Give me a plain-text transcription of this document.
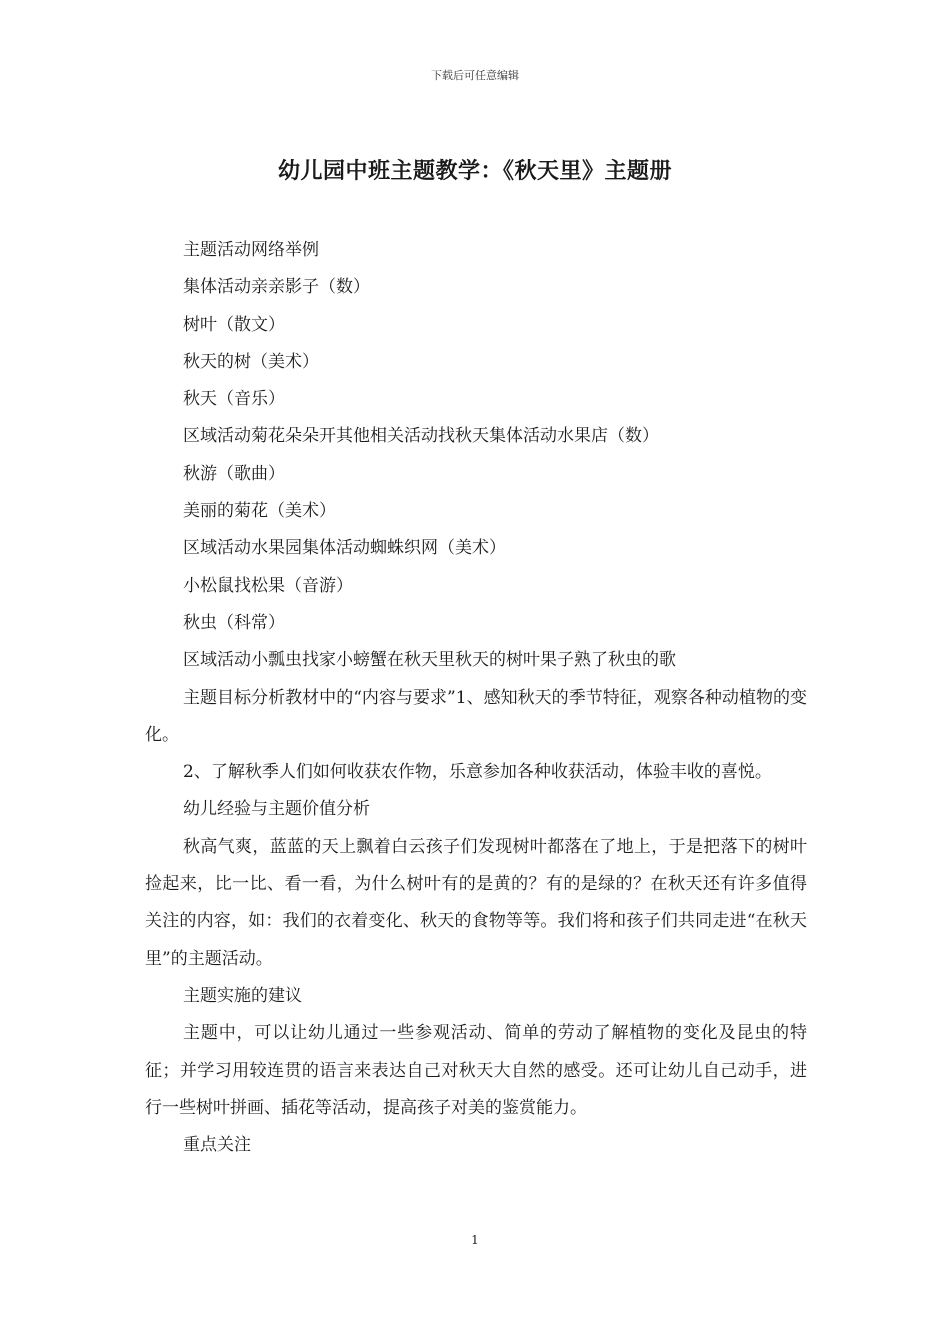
下载后可任意编辑
幼儿园中班主题教学：《秋天里》主题册

主题活动网络举例

集体活动亲亲影子（数）

树叶（散文）

秋天的树（美术）

秋天（音乐）

区域活动菊花朵朵开其他相关活动找秋天集体活动水果店（数）

秋游（歌曲）

美丽的菊花（美术）

区域活动水果园集体活动蜘蛛织网（美术）

小松鼠找松果（音游）

秋虫（科常）

区域活动小瓢虫找家小螃蟹在秋天里秋天的树叶果子熟了秋虫的歌

主题目标分析教材中的“内容与要求”1、感知秋天的季节特征，观察各种动植物的变化。

2、了解秋季人们如何收获农作物，乐意参加各种收获活动，体验丰收的喜悦。

幼儿经验与主题价值分析

秋高气爽，蓝蓝的天上飘着白云孩子们发现树叶都落在了地上，于是把落下的树叶捡起来，比一比、看一看，为什么树叶有的是黄的？有的是绿的？在秋天还有许多值得关注的内容，如：我们的衣着变化、秋天的食物等等。我们将和孩子们共同走进“在秋天里”的主题活动。

主题实施的建议

主题中，可以让幼儿通过一些参观活动、简单的劳动了解植物的变化及昆虫的特征；并学习用较连贯的语言来表达自己对秋天大自然的感受。还可让幼儿自己动手，进行一些树叶拼画、插花等活动，提高孩子对美的鉴赏能力。

重点关注

1
